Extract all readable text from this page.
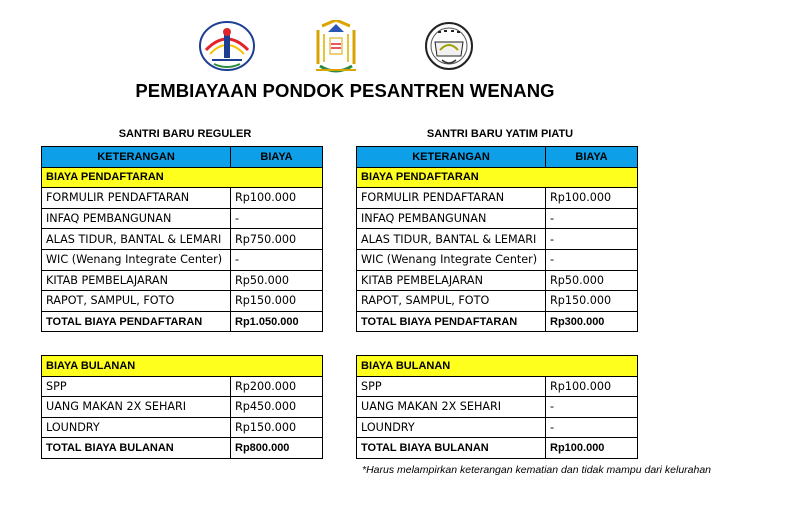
PEMBIAYAAN PONDOK PESANTREN WENANG
SANTRI BARU REGULER	SANTRI BARU YATIM PIATU
KETERANGAN	BIAYA
BIAYA PENDAFTARAN	
FORMULIR PENDAFTARAN	Rp100.000
INFAQ PEMBANGUNAN	-
ALAS TIDUR, BANTAL & LEMARI	Rp750.000
WIC (Wenang Integrate Center)	-
KITAB PEMBELAJARAN	Rp50.000
RAPOT, SAMPUL, FOTO	Rp150.000
TOTAL BIAYA PENDAFTARAN	Rp1.050.000
KETERANGAN	BIAYA
BIAYA PENDAFTARAN	
FORMULIR PENDAFTARAN	Rp100.000
INFAQ PEMBANGUNAN	-
ALAS TIDUR, BANTAL & LEMARI	-
WIC (Wenang Integrate Center)	-
KITAB PEMBELAJARAN	Rp50.000
RAPOT, SAMPUL, FOTO	Rp150.000
TOTAL BIAYA PENDAFTARAN	Rp300.000
BIAYA BULANAN	
SPP	Rp200.000
UANG MAKAN 2X SEHARI	Rp450.000
LOUNDRY	Rp150.000
TOTAL BIAYA BULANAN	Rp800.000
BIAYA BULANAN	
SPP	Rp100.000
UANG MAKAN 2X SEHARI	-
LOUNDRY	-
TOTAL BIAYA BULANAN	Rp100.000
*Harus melampirkan keterangan kematian dan tidak mampu dari kelurahan
